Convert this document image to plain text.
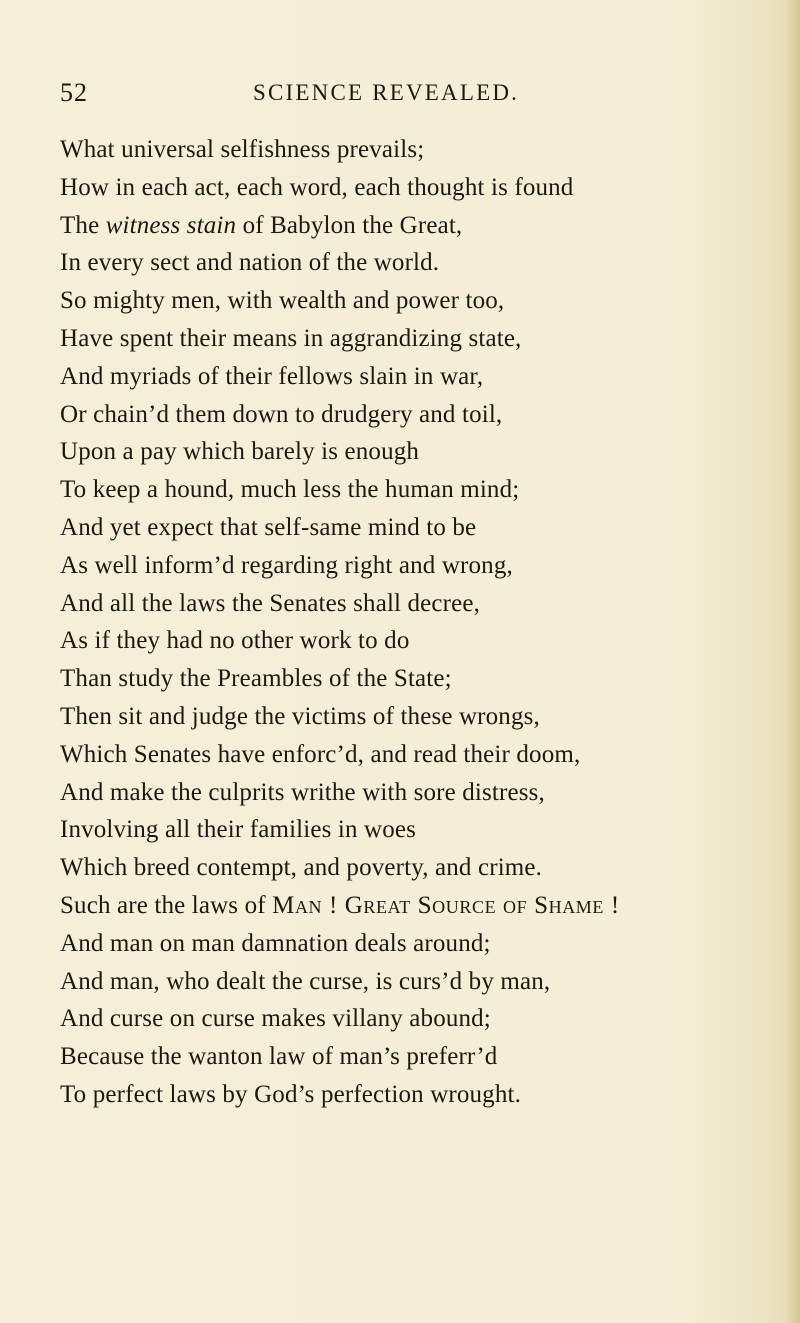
52	SCIENCE REVEALED.
What universal selfishness prevails;
How in each act, each word, each thought is found
The witness stain of Babylon the Great,
In every sect and nation of the world.
So mighty men, with wealth and power too,
Have spent their means in aggrandizing state,
And myriads of their fellows slain in war,
Or chain’d them down to drudgery and toil,
Upon a pay which barely is enough
To keep a hound, much less the human mind;
And yet expect that self-same mind to be
As well inform’d regarding right and wrong,
And all the laws the Senates shall decree,
As if they had no other work to do
Than study the Preambles of the State;
Then sit and judge the victims of these wrongs,
Which Senates have enforc’d, and read their doom,
And make the culprits writhe with sore distress,
Involving all their families in woes
Which breed contempt, and poverty, and crime.
Such are the laws of Man ! Great Source of Shame !
And man on man damnation deals around;
And man, who dealt the curse, is curs’d by man,
And curse on curse makes villany abound;
Because the wanton law of man’s preferr’d
To perfect laws by God’s perfection wrought.
